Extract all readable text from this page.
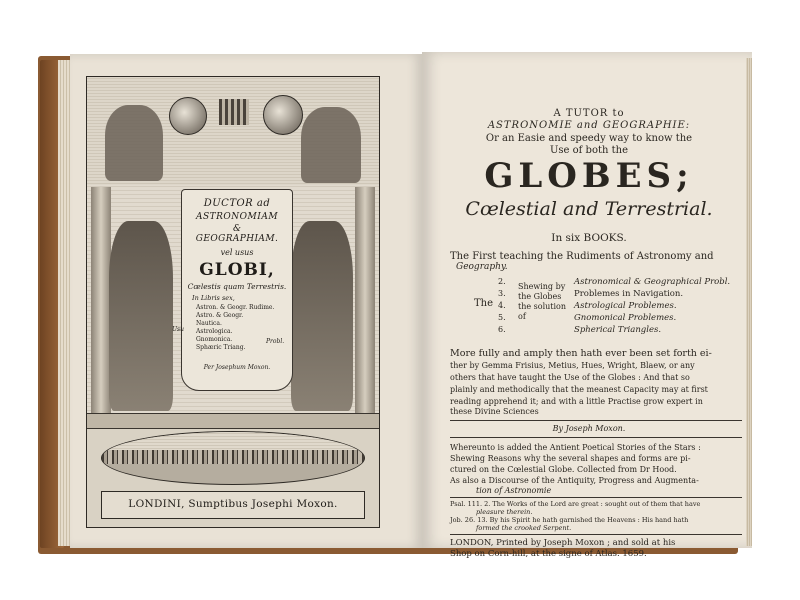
DUCTOR ad
ASTRONOMIAM
&
GEOGRAPHIAM.
vel usus
GLOBI,
Cœlestis quam Terrestris.
In Libris sex,
Astron. & Geogr. Rudime.
Astro. & Geogr.
Nautica.
Astrologica.
Gnomonica.
Sphæric Triang.
Usu
Probl.
Per Josephum Moxon.
LONDINI, Sumptibus Josephi Moxon.
A TUTOR to
ASTRONOMIE and GEOGRAPHIE:
Or an Easie and speedy way to know the
Use of both the
GLOBES;
Cœlestial and Terrestrial.
In six BOOKS.
The First teaching the Rudiments of Astronomy and
Geography.
The
2.
3.
4.
5.
6.
Shewing by
the Globes
the solution
of
Astronomical & Geographical Probl.
Problemes in Navigation.
Astrological Problemes.
Gnomonical Problemes.
Spherical Triangles.
More fully and amply then hath ever been set forth ei-
ther by Gemma Frisius, Metius, Hues, Wright, Blaew, or any
others that have taught the Use of the Globes : And that so
plainly and methodically that the meanest Capacity may at first
reading apprehend it; and with a little Practise grow expert in
these Divine Sciences
By Joseph Moxon.
Whereunto is added the Antient Poetical Stories of the Stars :
Shewing Reasons why the several shapes and forms are pi-
ctured on the Cœlestial Globe. Collected from Dr Hood.
As also a Discourse of the Antiquity, Progress and Augmenta-
tion of Astronomie
Psal. 111. 2. The Works of the Lord are great : sought out of them that have
pleasure therein.
Job. 26. 13. By his Spirit he hath garnished the Heavens : His hand hath
formed the crooked Serpent.
LONDON, Printed by Joseph Moxon ; and sold at his
Shop on Corn-hill, at the signe of Atlas. 1659.
